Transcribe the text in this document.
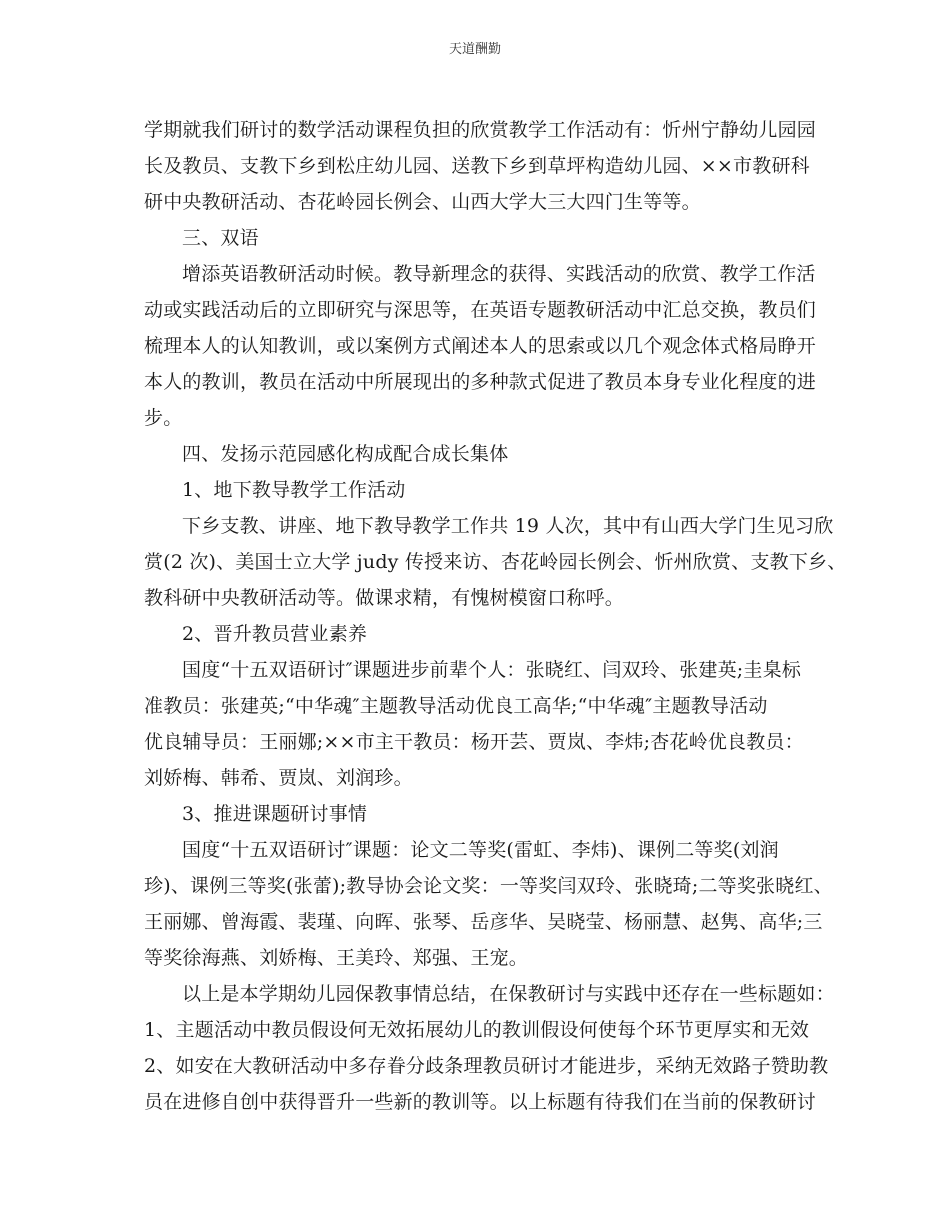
天道酬勤
学期就我们研讨的数学活动课程负担的欣赏教学工作活动有：忻州宁静幼儿园园
长及教员、支教下乡到松庄幼儿园、送教下乡到草坪构造幼儿园、××市教研科
研中央教研活动、杏花岭园长例会、山西大学大三大四门生等等。
三、双语
增添英语教研活动时候。教导新理念的获得、实践活动的欣赏、教学工作活
动或实践活动后的立即研究与深思等，在英语专题教研活动中汇总交换，教员们
梳理本人的认知教训，或以案例方式阐述本人的思索或以几个观念体式格局睁开
本人的教训，教员在活动中所展现出的多种款式促进了教员本身专业化程度的进
步。
四、发扬示范园感化构成配合成长集体
1、地下教导教学工作活动
下乡支教、讲座、地下教导教学工作共 19 人次，其中有山西大学门生见习欣
赏(2 次)、美国士立大学 judy 传授来访、杏花岭园长例会、忻州欣赏、支教下乡、
教科研中央教研活动等。做课求精，有愧树模窗口称呼。
2、晋升教员营业素养
国度“十五双语研讨″课题进步前辈个人：张晓红、闫双玲、张建英;圭臬标
准教员：张建英;“中华魂″主题教导活动优良工高华;“中华魂″主题教导活动
优良辅导员：王丽娜;××市主干教员：杨开芸、贾岚、李炜;杏花岭优良教员：
刘娇梅、韩希、贾岚、刘润珍。
3、推进课题研讨事情
国度“十五双语研讨″课题：论文二等奖(雷虹、李炜)、课例二等奖(刘润
珍)、课例三等奖(张蕾);教导协会论文奖：一等奖闫双玲、张晓琦;二等奖张晓红、
王丽娜、曾海霞、裴瑾、向晖、张琴、岳彦华、吴晓莹、杨丽慧、赵隽、高华;三
等奖徐海燕、刘娇梅、王美玲、郑强、王宠。
以上是本学期幼儿园保教事情总结，在保教研讨与实践中还存在一些标题如：
1、主题活动中教员假设何无效拓展幼儿的教训假设何使每个环节更厚实和无效
2、如安在大教研活动中多存眷分歧条理教员研讨才能进步，采纳无效路子赞助教
员在进修自创中获得晋升一些新的教训等。以上标题有待我们在当前的保教研讨
